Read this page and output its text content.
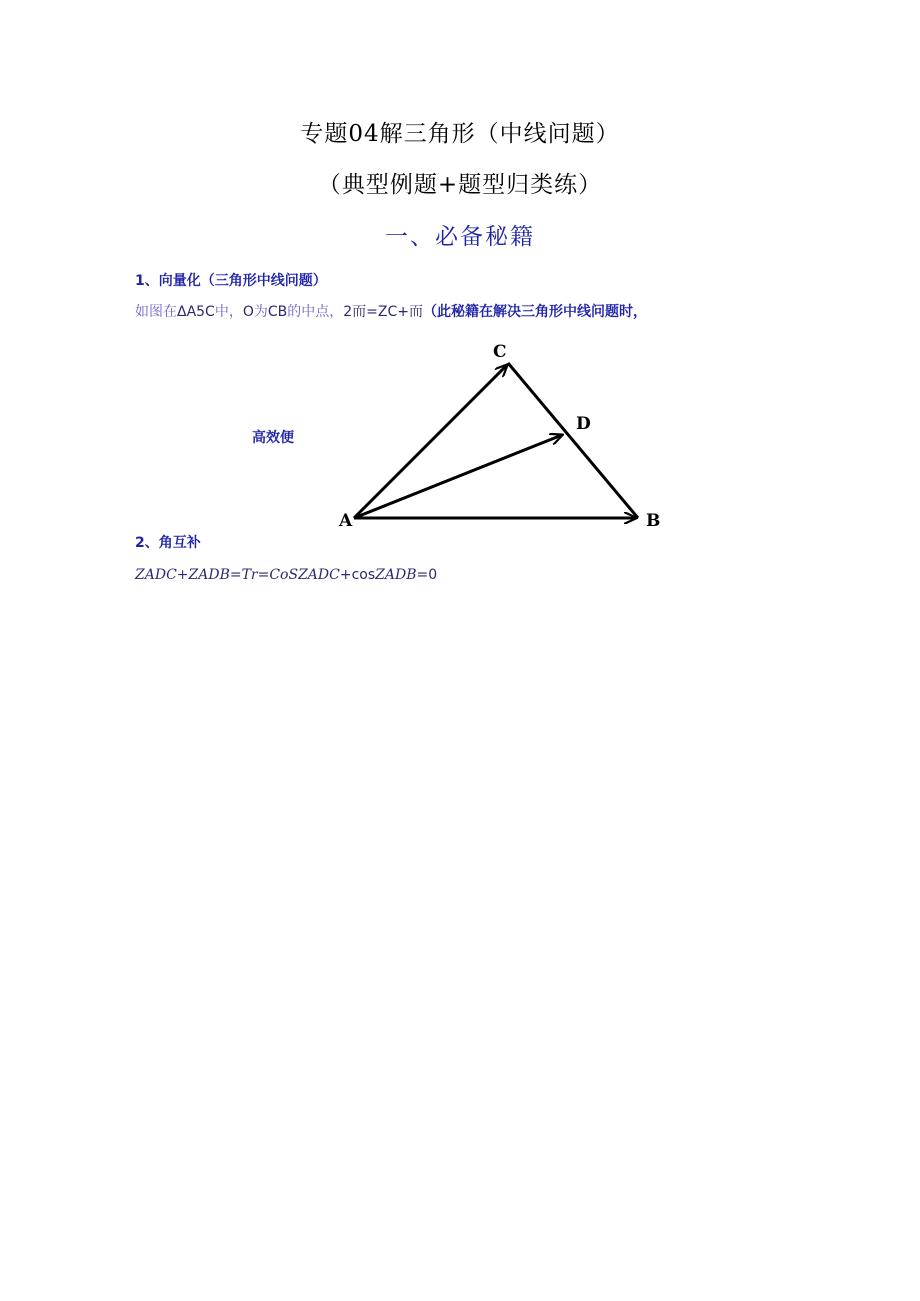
专题04解三角形（中线问题）
（典型例题+题型归类练）
一、必备秘籍
1、向量化（三角形中线问题）
如图在ΔA5C中，O为CB的中点，2而=ZC+而（此秘籍在解决三角形中线问题时，
高效便
A	B
C
D
2、角互补
ZADC+ZADB=Tr=CoSZADC+cosZADB=0
